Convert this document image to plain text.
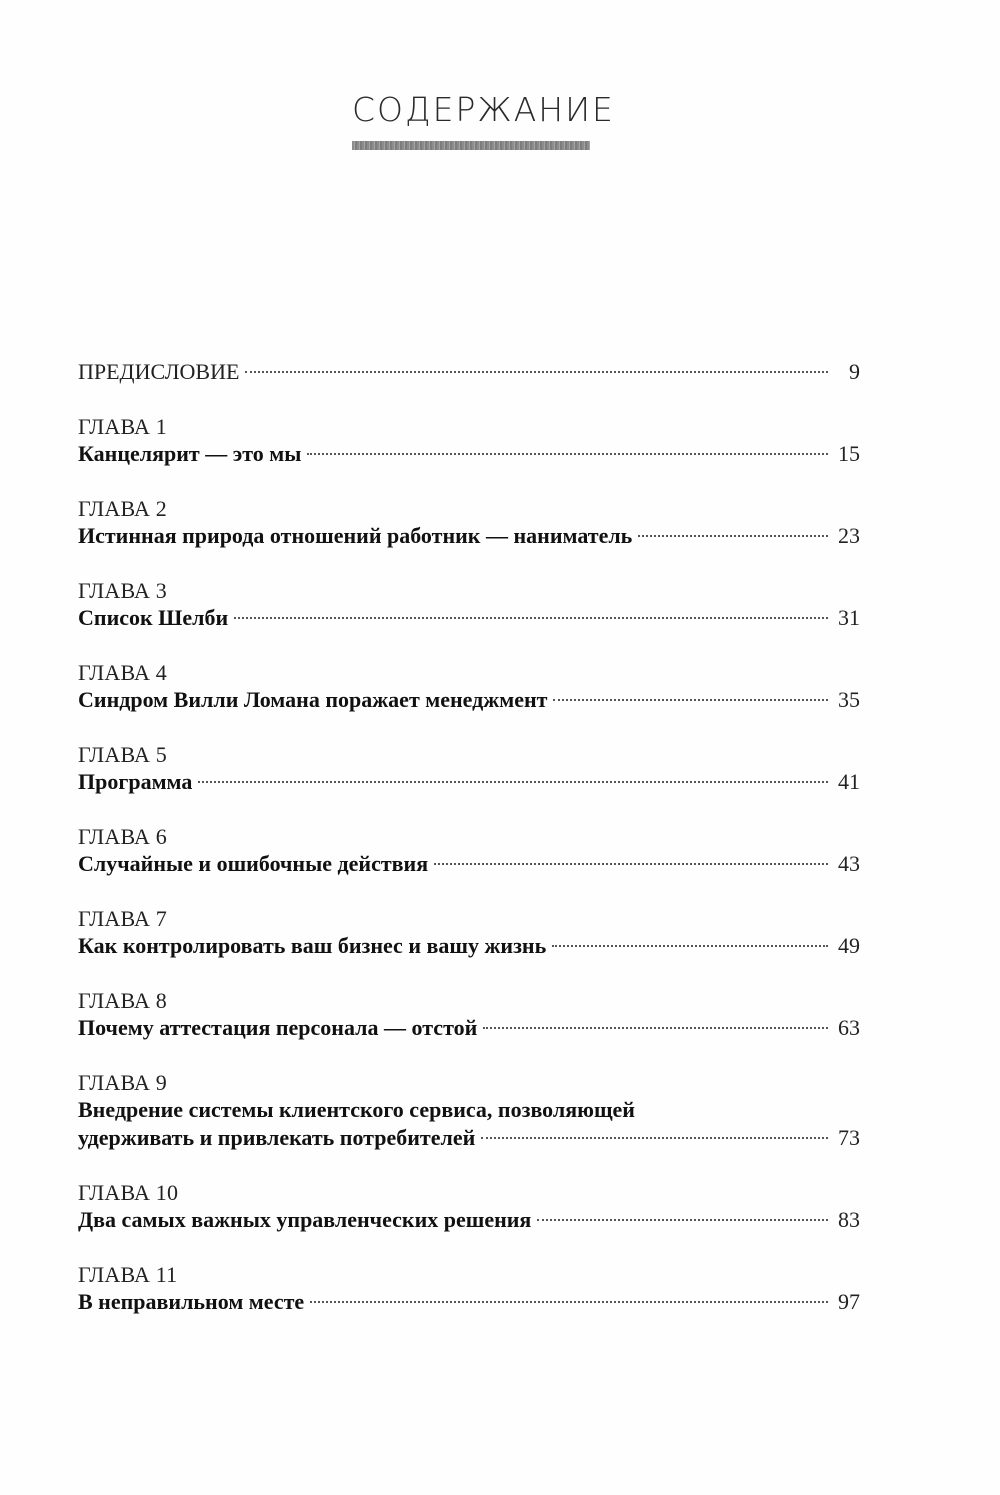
СОДЕРЖАНИЕ
ПРЕДИСЛОВИЕ	9
ГЛАВА 1
Канцелярит — это мы	15
ГЛАВА 2
Истинная природа отношений работник — наниматель	23
ГЛАВА 3
Список Шелби	31
ГЛАВА 4
Синдром Вилли Ломана поражает менеджмент	35
ГЛАВА 5
Программа	41
ГЛАВА 6
Случайные и ошибочные действия	43
ГЛАВА 7
Как контролировать ваш бизнес и вашу жизнь	49
ГЛАВА 8
Почему аттестация персонала — отстой	63
ГЛАВА 9
Внедрение системы клиентского сервиса, позволяющей
удерживать и привлекать потребителей	73
ГЛАВА 10
Два самых важных управленческих решения	83
ГЛАВА 11
В неправильном месте	97
